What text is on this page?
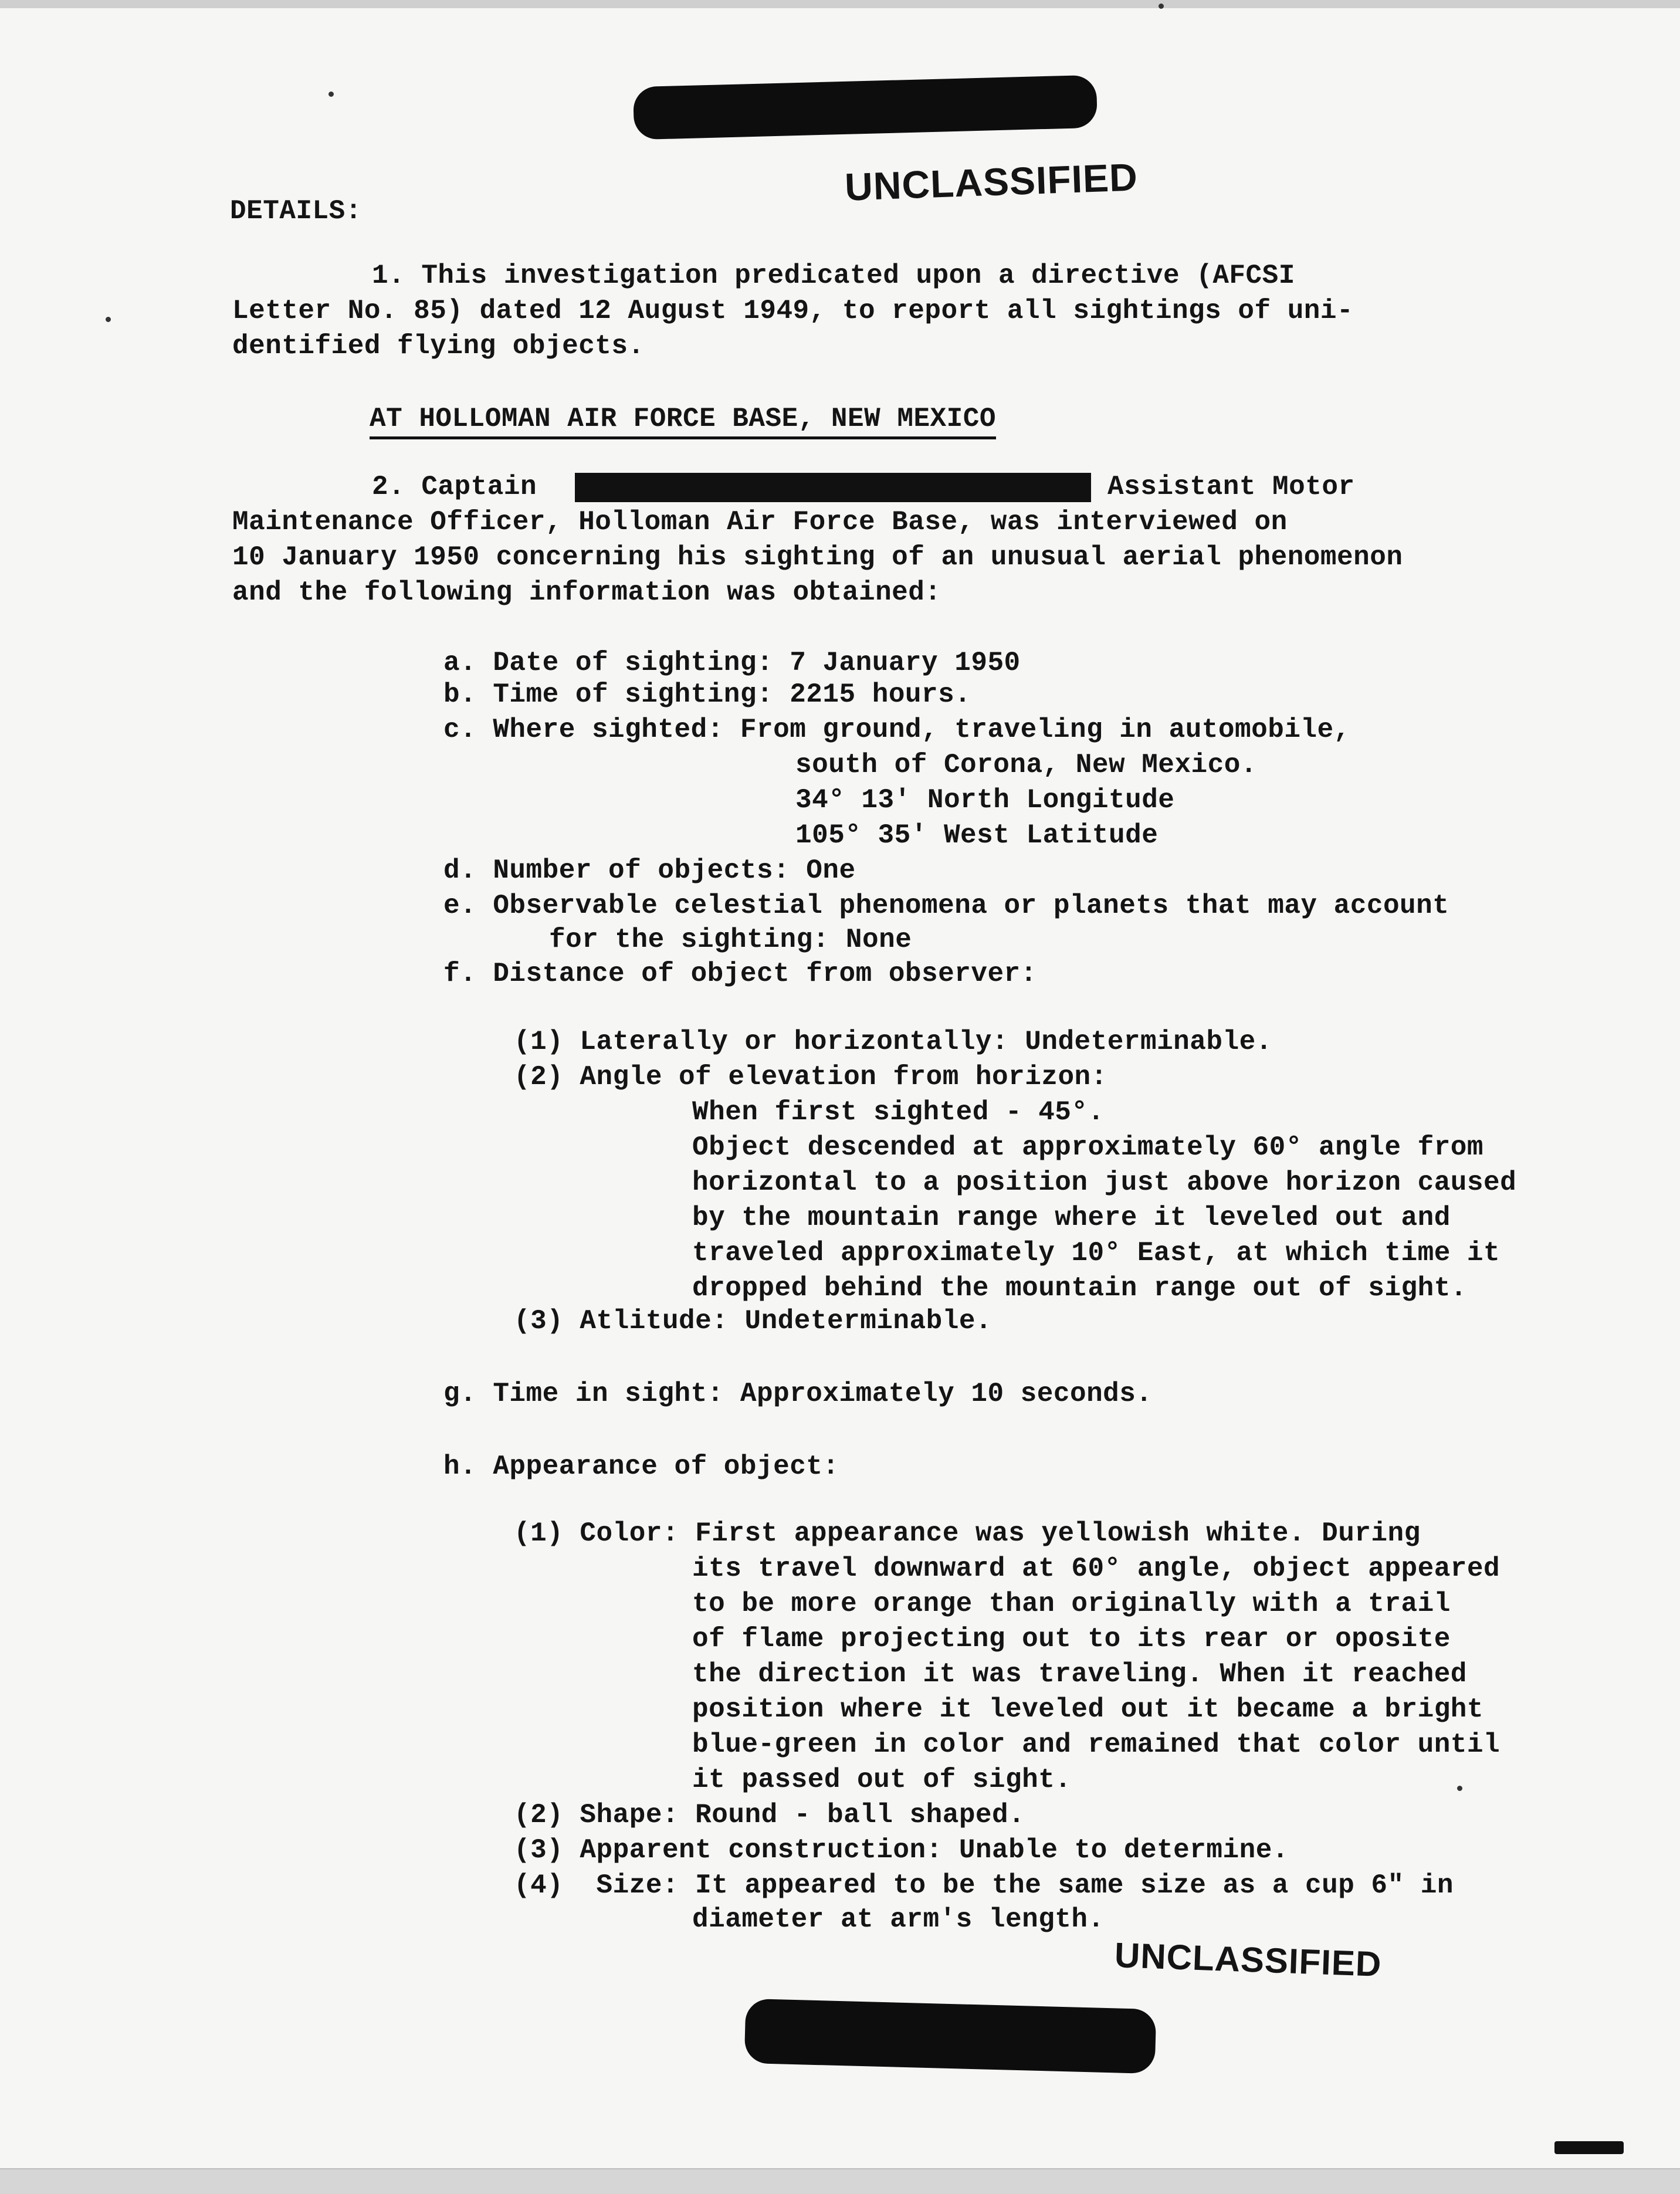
UNCLASSIFIED
DETAILS:
1. This investigation predicated upon a directive (AFCSI
Letter No. 85) dated 12 August 1949, to report all sightings of uni-
dentified flying objects.
AT HOLLOMAN AIR FORCE BASE, NEW MEXICO
2. Captain	Assistant Motor
Maintenance Officer, Holloman Air Force Base, was interviewed on
10 January 1950 concerning his sighting of an unusual aerial phenomenon
and the following information was obtained:
a. Date of sighting: 7 January 1950
b. Time of sighting: 2215 hours.
c. Where sighted: From ground, traveling in automobile,
south of Corona, New Mexico.
34° 13' North Longitude
105° 35' West Latitude
d. Number of objects: One
e. Observable celestial phenomena or planets that may account
for the sighting: None
f. Distance of object from observer:
(1) Laterally or horizontally: Undeterminable.
(2) Angle of elevation from horizon:
When first sighted - 45°.
Object descended at approximately 60° angle from
horizontal to a position just above horizon caused
by the mountain range where it leveled out and
traveled approximately 10° East, at which time it
dropped behind the mountain range out of sight.
(3) Atlitude: Undeterminable.
g. Time in sight: Approximately 10 seconds.
h. Appearance of object:
(1) Color: First appearance was yellowish white. During
its travel downward at 60° angle, object appeared
to be more orange than originally with a trail
of flame projecting out to its rear or oposite
the direction it was traveling. When it reached
position where it leveled out it became a bright
blue-green in color and remained that color until
it passed out of sight.
(2) Shape: Round - ball shaped.
(3) Apparent construction: Unable to determine.
(4)  Size: It appeared to be the same size as a cup 6" in
diameter at arm's length.
UNCLASSIFIED
